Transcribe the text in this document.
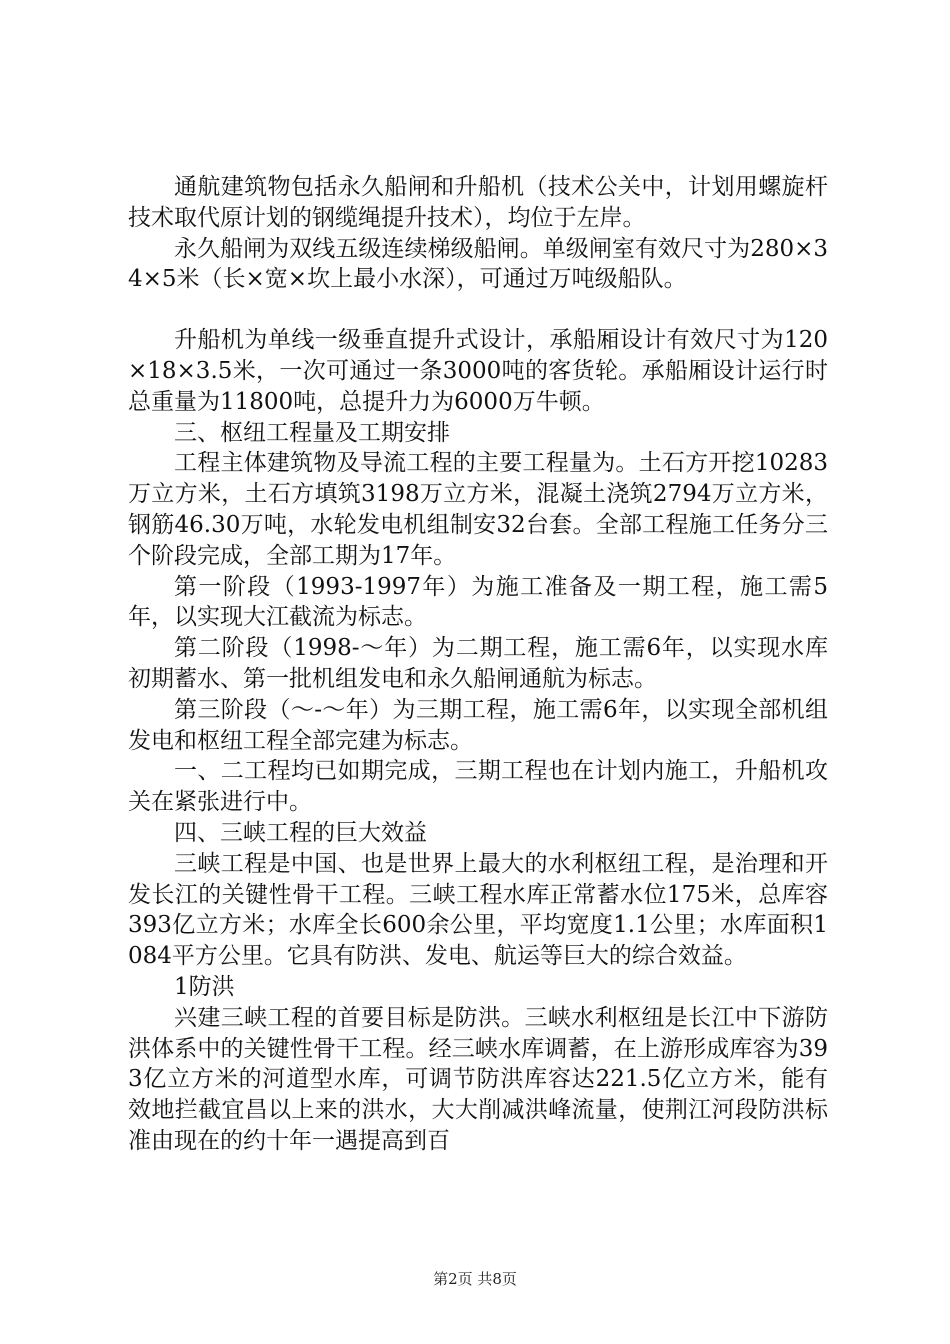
通航建筑物包括永久船闸和升船机（技术公关中，计划用螺旋杆技术取代原计划的钢缆绳提升技术），均位于左岸。

永久船闸为双线五级连续梯级船闸。单级闸室有效尺寸为280×34×5米（长×宽×坎上最小水深），可通过万吨级船队。

升船机为单线一级垂直提升式设计，承船厢设计有效尺寸为120×18×3.5米，一次可通过一条3000吨的客货轮。承船厢设计运行时总重量为11800吨，总提升力为6000万牛顿。

三、枢纽工程量及工期安排

工程主体建筑物及导流工程的主要工程量为。土石方开挖10283万立方米，土石方填筑3198万立方米，混凝土浇筑2794万立方米，钢筋46.30万吨，水轮发电机组制安32台套。全部工程施工任务分三个阶段完成，全部工期为17年。

第一阶段（1993-1997年）为施工准备及一期工程，施工需5年，以实现大江截流为标志。

第二阶段（1998-～年）为二期工程，施工需6年，以实现水库初期蓄水、第一批机组发电和永久船闸通航为标志。

第三阶段（～-～年）为三期工程，施工需6年，以实现全部机组发电和枢纽工程全部完建为标志。

一、二工程均已如期完成，三期工程也在计划内施工，升船机攻关在紧张进行中。

四、三峡工程的巨大效益

三峡工程是中国、也是世界上最大的水利枢纽工程，是治理和开发长江的关键性骨干工程。三峡工程水库正常蓄水位175米，总库容393亿立方米；水库全长600余公里，平均宽度1.1公里；水库面积1084平方公里。它具有防洪、发电、航运等巨大的综合效益。

1防洪

兴建三峡工程的首要目标是防洪。三峡水利枢纽是长江中下游防洪体系中的关键性骨干工程。经三峡水库调蓄，在上游形成库容为393亿立方米的河道型水库，可调节防洪库容达221.5亿立方米，能有效地拦截宜昌以上来的洪水，大大削减洪峰流量，使荆江河段防洪标准由现在的约十年一遇提高到百

第2页 共8页
